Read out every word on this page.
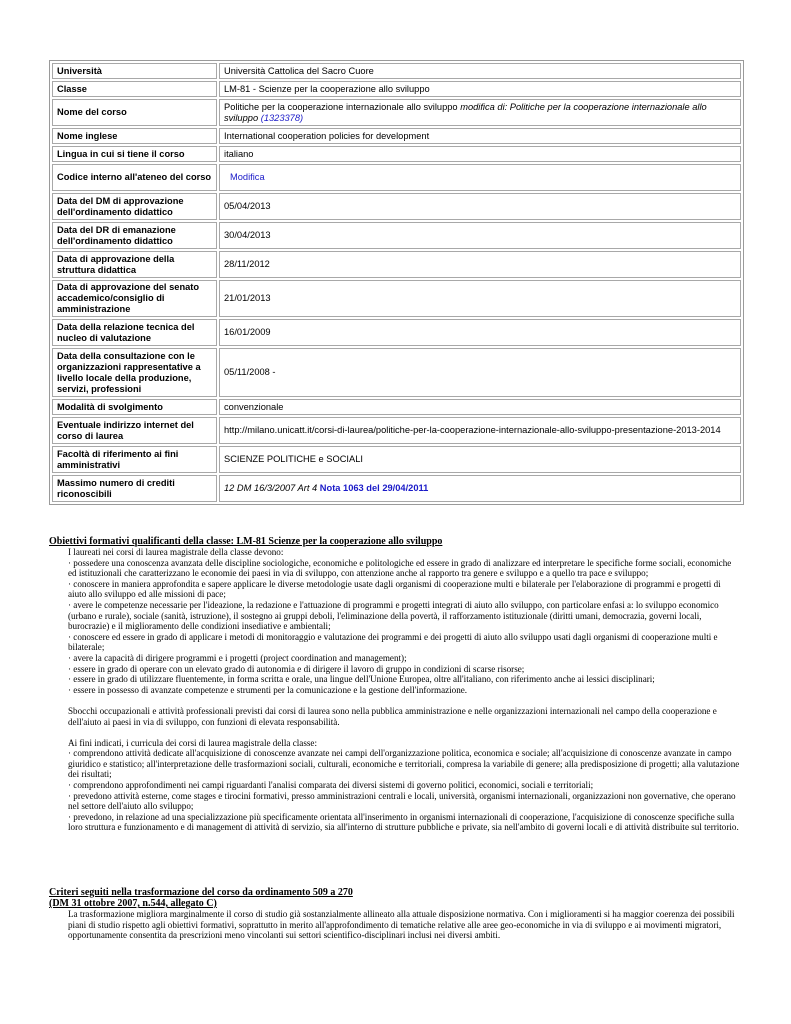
Università	Università Cattolica del Sacro Cuore
Classe	LM-81 - Scienze per la cooperazione allo sviluppo
Nome del corso	Politiche per la cooperazione internazionale allo sviluppo modifica di: Politiche per la cooperazione internazionale allo sviluppo (1323378)
Nome inglese	International cooperation policies for development
Lingua in cui si tiene il corso	italiano
Codice interno all'ateneo del corso	Modifica
Data del DM di approvazione dell'ordinamento didattico	05/04/2013
Data del DR di emanazione dell'ordinamento didattico	30/04/2013
Data di approvazione della struttura didattica	28/11/2012
Data di approvazione del senato accademico/consiglio di amministrazione	21/01/2013
Data della relazione tecnica del nucleo di valutazione	16/01/2009
Data della consultazione con le organizzazioni rappresentative a livello locale della produzione, servizi, professioni	05/11/2008 -
Modalità di svolgimento	convenzionale
Eventuale indirizzo internet del corso di laurea	http://milano.unicatt.it/corsi-di-laurea/politiche-per-la-cooperazione-internazionale-allo-sviluppo-presentazione-2013-2014
Facoltà di riferimento ai fini amministrativi	SCIENZE POLITICHE e SOCIALI
Massimo numero di crediti riconoscibili	12 DM 16/3/2007 Art 4 Nota 1063 del 29/04/2011
Obiettivi formativi qualificanti della classe: LM-81 Scienze per la cooperazione allo sviluppo

I laureati nei corsi di laurea magistrale della classe devono:

· possedere una conoscenza avanzata delle discipline sociologiche, economiche e politologiche ed essere in grado di analizzare ed interpretare le specifiche forme sociali, economiche ed istituzionali che caratterizzano le economie dei paesi in via di sviluppo, con attenzione anche al rapporto tra genere e sviluppo e a quello tra pace e sviluppo;

· conoscere in maniera approfondita e sapere applicare le diverse metodologie usate dagli organismi di cooperazione multi e bilaterale per l'elaborazione di programmi e progetti di aiuto allo sviluppo ed alle missioni di pace;

· avere le competenze necessarie per l'ideazione, la redazione e l'attuazione di programmi e progetti integrati di aiuto allo sviluppo, con particolare enfasi a: lo sviluppo economico (urbano e rurale), sociale (sanità, istruzione), il sostegno ai gruppi deboli, l'eliminazione della povertà, il rafforzamento istituzionale (diritti umani, democrazia, governi locali, burocrazie) e il miglioramento delle condizioni insediative e ambientali;

· conoscere ed essere in grado di applicare i metodi di monitoraggio e valutazione dei programmi e dei progetti di aiuto allo sviluppo usati dagli organismi di cooperazione multi e bilaterale;

· avere la capacità di dirigere programmi e i progetti (project coordination and management);

· essere in grado di operare con un elevato grado di autonomia e di dirigere il lavoro di gruppo in condizioni di scarse risorse;

· essere in grado di utilizzare fluentemente, in forma scritta e orale, una lingue dell'Unione Europea, oltre all'italiano, con riferimento anche ai lessici disciplinari;

· essere in possesso di avanzate competenze e strumenti per la comunicazione e la gestione dell'informazione.

Sbocchi occupazionali e attività professionali previsti dai corsi di laurea sono nella pubblica amministrazione e nelle organizzazioni internazionali nel campo della cooperazione e dell'aiuto ai paesi in via di sviluppo, con funzioni di elevata responsabilità.

Ai fini indicati, i curricula dei corsi di laurea magistrale della classe:

· comprendono attività dedicate all'acquisizione di conoscenze avanzate nei campi dell'organizzazione politica, economica e sociale; all'acquisizione di conoscenze avanzate in campo giuridico e statistico; all'interpretazione delle trasformazioni sociali, culturali, economiche e territoriali, compresa la variabile di genere; alla predisposizione di progetti; alla valutazione dei risultati;

· comprendono approfondimenti nei campi riguardanti l'analisi comparata dei diversi sistemi di governo politici, economici, sociali e territoriali;

· prevedono attività esterne, come stages e tirocini formativi, presso amministrazioni centrali e locali, università, organismi internazionali, organizzazioni non governative, che operano nel settore dell'aiuto allo sviluppo;

· prevedono, in relazione ad una specializzazione più specificamente orientata all'inserimento in organismi internazionali di cooperazione, l'acquisizione di conoscenze specifiche sulla loro struttura e funzionamento e di management di attività di servizio, sia all'interno di strutture pubbliche e private, sia nell'ambito di governi locali e di attività distribuite sul territorio.

Criteri seguiti nella trasformazione del corso da ordinamento 509 a 270
(DM 31 ottobre 2007, n.544, allegato C)

La trasformazione migliora marginalmente il corso di studio già sostanzialmente allineato alla attuale disposizione normativa. Con i miglioramenti si ha maggior coerenza dei possibili piani di studio rispetto agli obiettivi formativi, soprattutto in merito all'approfondimento di tematiche relative alle aree geo-economiche in via di sviluppo e ai movimenti migratori, opportunamente consentita da prescrizioni meno vincolanti sui settori scientifico-disciplinari inclusi nei diversi ambiti.
